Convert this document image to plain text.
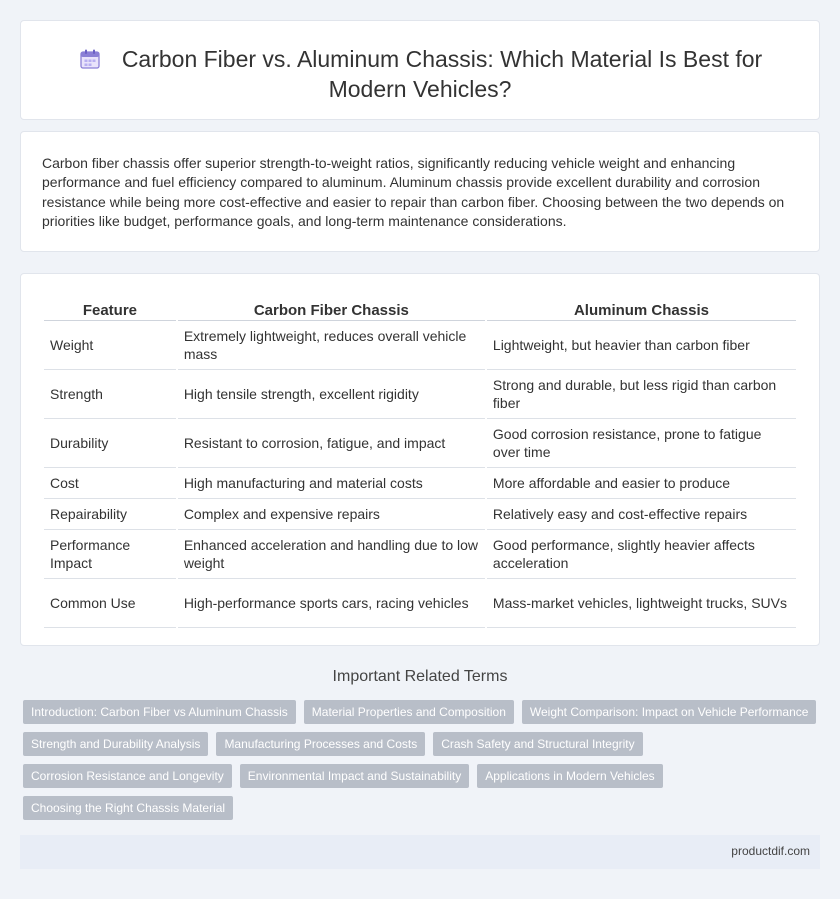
Carbon Fiber vs. Aluminum Chassis: Which Material Is Best for Modern Vehicles?

Carbon fiber chassis offer superior strength-to-weight ratios, significantly reducing vehicle weight and enhancing performance and fuel efficiency compared to aluminum. Aluminum chassis provide excellent durability and corrosion resistance while being more cost-effective and easier to repair than carbon fiber. Choosing between the two depends on priorities like budget, performance goals, and long-term maintenance considerations.

Feature	Carbon Fiber Chassis	Aluminum Chassis
Weight	Extremely lightweight, reduces overall vehicle mass	Lightweight, but heavier than carbon fiber
Strength	High tensile strength, excellent rigidity	Strong and durable, but less rigid than carbon fiber
Durability	Resistant to corrosion, fatigue, and impact	Good corrosion resistance, prone to fatigue over time
Cost	High manufacturing and material costs	More affordable and easier to produce
Repairability	Complex and expensive repairs	Relatively easy and cost-effective repairs
Performance Impact	Enhanced acceleration and handling due to low weight	Good performance, slightly heavier affects acceleration
Common Use	High-performance sports cars, racing vehicles	Mass-market vehicles, lightweight trucks, SUVs
Important Related Terms
Introduction: Carbon Fiber vs Aluminum Chassis	Material Properties and Composition	Weight Comparison: Impact on Vehicle Performance
Strength and Durability Analysis	Manufacturing Processes and Costs	Crash Safety and Structural Integrity
Corrosion Resistance and Longevity	Environmental Impact and Sustainability	Applications in Modern Vehicles
Choosing the Right Chassis Material
productdif.com
